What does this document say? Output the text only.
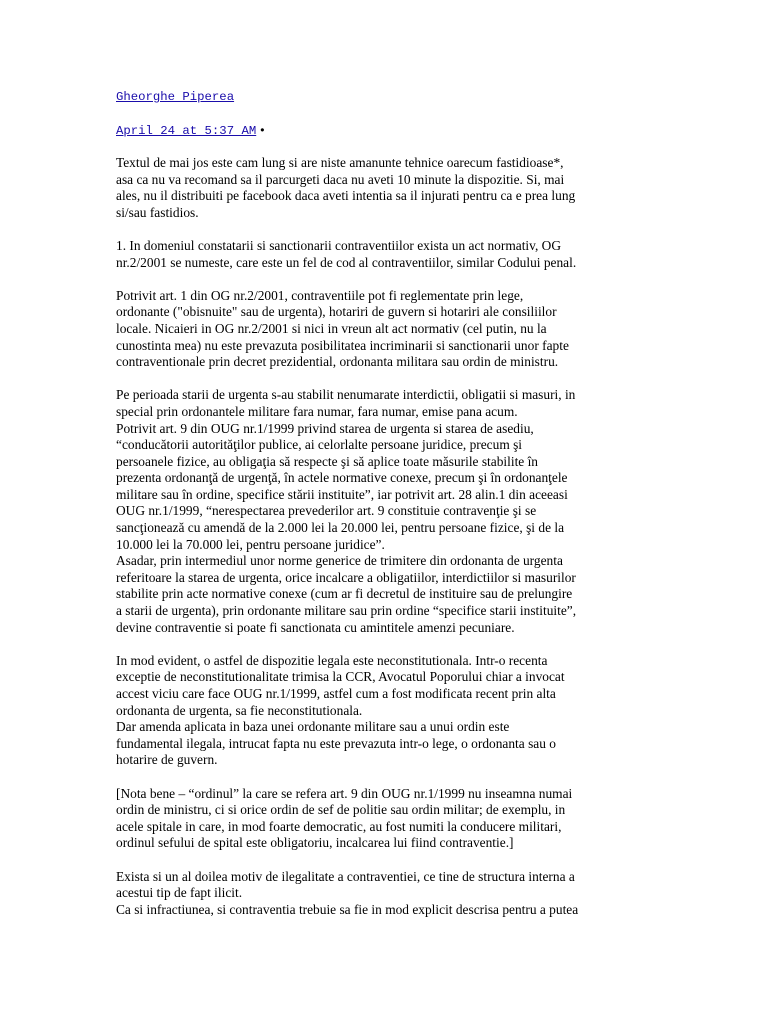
Gheorghe Piperea
April 24 at 5:37 AM •

Textul de mai jos este cam lung si are niste amanunte tehnice oarecum fastidioase*,
asa ca nu va recomand sa il parcurgeti daca nu aveti 10 minute la dispozitie. Si, mai
ales, nu il distribuiti pe facebook daca aveti intentia sa il injurati pentru ca e prea lung
si/sau fastidios.

1. In domeniul constatarii si sanctionarii contraventiilor exista un act normativ, OG
nr.2/2001 se numeste, care este un fel de cod al contraventiilor, similar Codului penal.

Potrivit art. 1 din OG nr.2/2001, contraventiile pot fi reglementate prin lege,
ordonante ("obisnuite" sau de urgenta), hotariri de guvern si hotariri ale consiliilor
locale. Nicaieri in OG nr.2/2001 si nici in vreun alt act normativ (cel putin, nu la
cunostinta mea) nu este prevazuta posibilitatea incriminarii si sanctionarii unor fapte
contraventionale prin decret prezidential, ordonanta militara sau ordin de ministru.

Pe perioada starii de urgenta s-au stabilit nenumarate interdictii, obligatii si masuri, in
special prin ordonantele militare fara numar, fara numar, emise pana acum.
Potrivit art. 9 din OUG nr.1/1999 privind starea de urgenta si starea de asediu,
“conducătorii autorităţilor publice, ai celorlalte persoane juridice, precum şi
persoanele fizice, au obligaţia să respecte şi să aplice toate măsurile stabilite în
prezenta ordonanţă de urgenţă, în actele normative conexe, precum şi în ordonanţele
militare sau în ordine, specifice stării instituite”, iar potrivit art. 28 alin.1 din aceeasi
OUG nr.1/1999, “nerespectarea prevederilor art. 9 constituie contravenţie şi se
sancţionează cu amendă de la 2.000 lei la 20.000 lei, pentru persoane fizice, şi de la
10.000 lei la 70.000 lei, pentru persoane juridice”.
Asadar, prin intermediul unor norme generice de trimitere din ordonanta de urgenta
referitoare la starea de urgenta, orice incalcare a obligatiilor, interdictiilor si masurilor
stabilite prin acte normative conexe (cum ar fi decretul de instituire sau de prelungire
a starii de urgenta), prin ordonante militare sau prin ordine “specifice starii instituite”,
devine contraventie si poate fi sanctionata cu amintitele amenzi pecuniare.

In mod evident, o astfel de dispozitie legala este neconstitutionala. Intr-o recenta
exceptie de neconstitutionalitate trimisa la CCR, Avocatul Poporului chiar a invocat
accest viciu care face OUG nr.1/1999, astfel cum a fost modificata recent prin alta
ordonanta de urgenta, sa fie neconstitutionala.
Dar amenda aplicata in baza unei ordonante militare sau a unui ordin este
fundamental ilegala, intrucat fapta nu este prevazuta intr-o lege, o ordonanta sau o
hotarire de guvern.

[Nota bene – “ordinul” la care se refera art. 9 din OUG nr.1/1999 nu inseamna numai
ordin de ministru, ci si orice ordin de sef de politie sau ordin militar; de exemplu, in
acele spitale in care, in mod foarte democratic, au fost numiti la conducere militari,
ordinul sefului de spital este obligatoriu, incalcarea lui fiind contraventie.]

Exista si un al doilea motiv de ilegalitate a contraventiei, ce tine de structura interna a
acestui tip de fapt ilicit.
Ca si infractiunea, si contraventia trebuie sa fie in mod explicit descrisa pentru a putea
